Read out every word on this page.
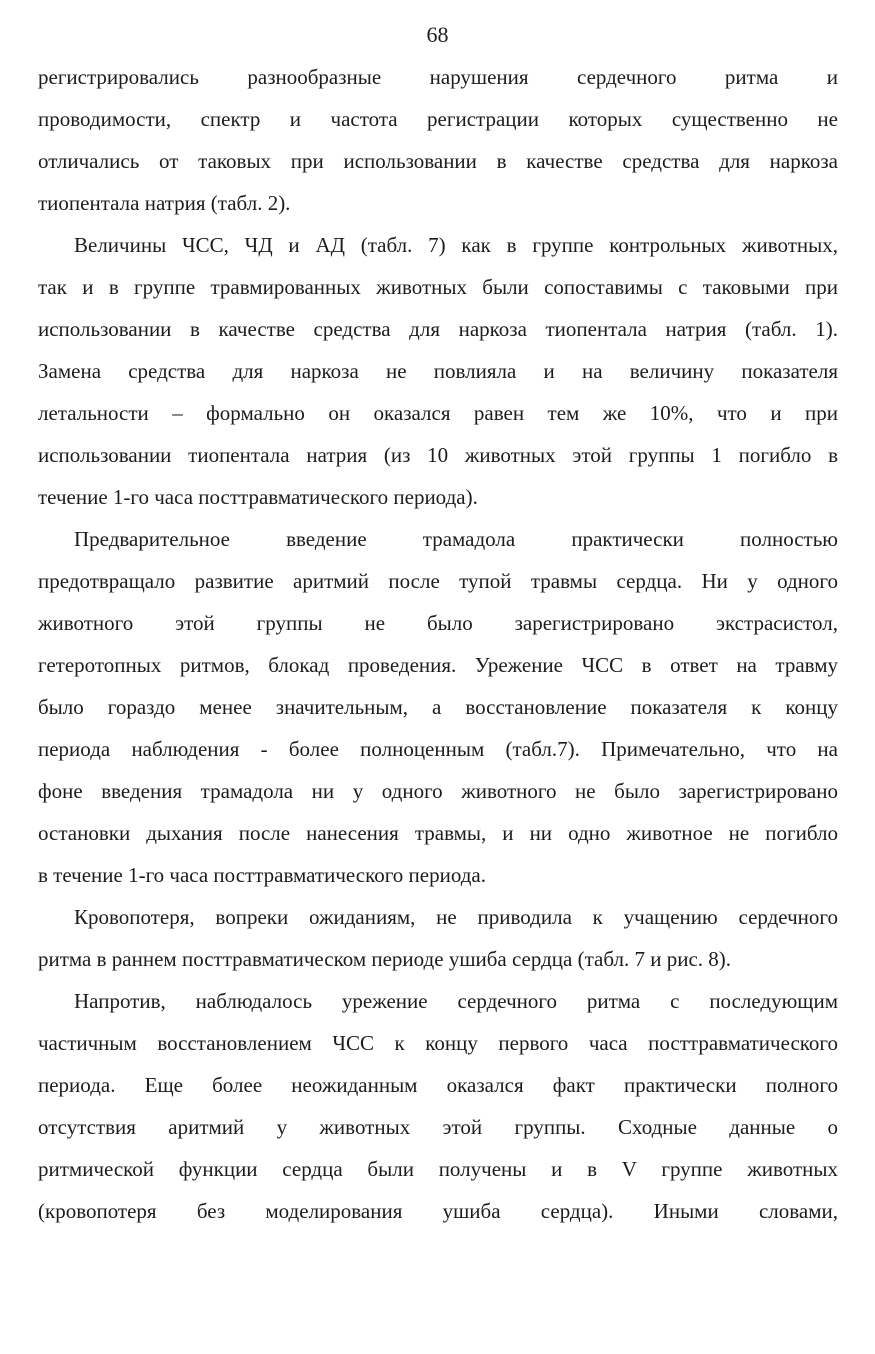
68

регистрировались разнообразные нарушения сердечного ритма и
проводимости, спектр и частота регистрации которых существенно не
отличались от таковых при использовании в качестве средства для наркоза
тиопентала натрия (табл. 2).

Величины ЧСС, ЧД и АД (табл. 7) как в группе контрольных животных,
так и в группе травмированных животных были сопоставимы с таковыми при
использовании в качестве средства для наркоза тиопентала натрия (табл. 1).
Замена средства для наркоза не повлияла и на величину показателя
летальности – формально он оказался равен тем же 10%, что и при
использовании тиопентала натрия (из 10 животных этой группы 1 погибло в
течение 1-го часа посттравматического периода).

Предварительное введение трамадола практически полностью
предотвращало развитие аритмий после тупой травмы сердца. Ни у одного
животного этой группы не было зарегистрировано экстрасистол,
гетеротопных ритмов, блокад проведения. Урежение ЧСС в ответ на травму
было гораздо менее значительным, а восстановление показателя к концу
периода наблюдения - более полноценным (табл.7). Примечательно, что на
фоне введения трамадола ни у одного животного не было зарегистрировано
остановки дыхания после нанесения травмы, и ни одно животное не погибло
в течение 1-го часа посттравматического периода.

Кровопотеря, вопреки ожиданиям, не приводила к учащению сердечного
ритма в раннем посттравматическом периоде ушиба сердца (табл. 7 и рис. 8).

Напротив, наблюдалось урежение сердечного ритма с последующим
частичным восстановлением ЧСС к концу первого часа посттравматического
периода. Еще более неожиданным оказался факт практически полного
отсутствия аритмий у животных этой группы. Сходные данные о
ритмической функции сердца были получены и в V группе животных
(кровопотеря без моделирования ушиба сердца). Иными словами,
